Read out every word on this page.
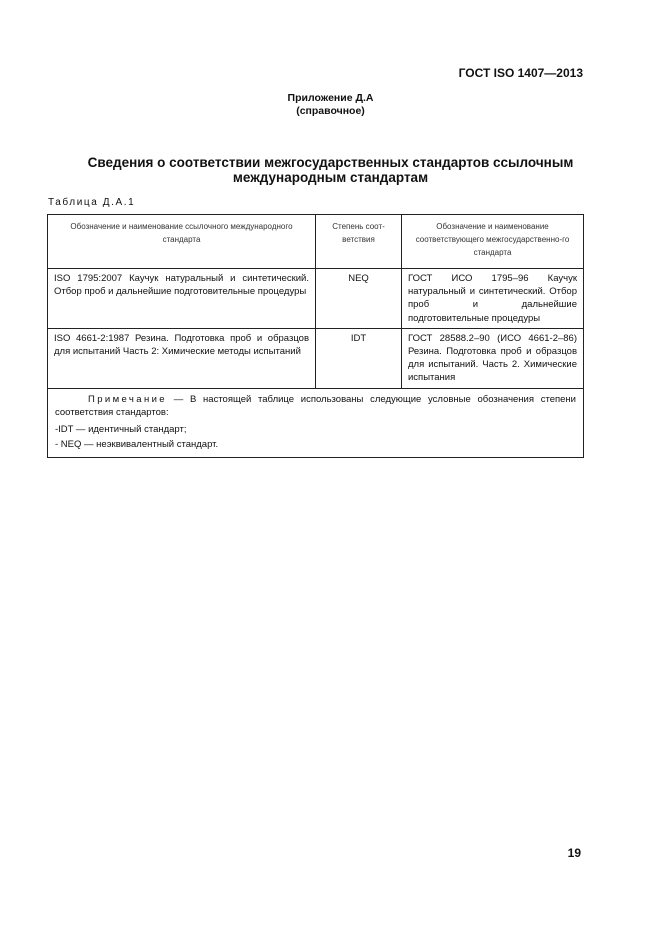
ГОСТ ISO 1407—2013
Приложение Д.А
(справочное)
Сведения о соответствии межгосударственных стандартов ссылочным
международным стандартам
Таблица Д.А.1
Обозначение и наименование ссылочного международного стандарта	Степень соот-ветствия	Обозначение и наименование соответствующего межгосударственно-го стандарта
ISO 1795:2007 Каучук натуральный и синтетический. Отбор проб и дальнейшие подготовительные процедуры	NEQ	ГОСТ ИСО 1795–96 Каучук натуральный и синтетический. Отбор проб и дальнейшие подготовительные процедуры
ISO 4661-2:1987 Резина. Подготовка проб и образцов для испытаний Часть 2: Химические методы испытаний	IDT	ГОСТ 28588.2–90 (ИСО 4661-2–86) Резина. Подготовка проб и образцов для испытаний. Часть 2. Химические испытания

Примечание — В настоящей таблице использованы следующие условные обозначения степени соответствия стандартов:
-IDT — идентичный стандарт;
- NEQ — неэквивалентный стандарт.		
19
